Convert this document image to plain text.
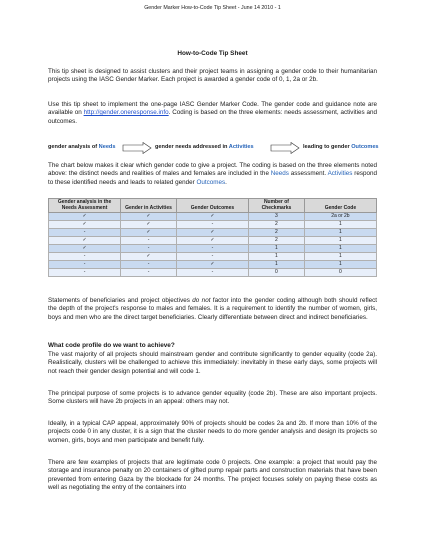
Gender Marker How-to-Code Tip Sheet - June 14 2010 - 1
How-to-Code Tip Sheet

This tip sheet is designed to assist clusters and their project teams in assigning a gender code to their humanitarian projects using the IASC Gender Marker. Each project is awarded a gender code of 0, 1, 2a or 2b.

Use this tip sheet to implement the one-page IASC Gender Marker Code. The gender code and guidance note are available on http://gender.oneresponse.info. Coding is based on the three elements: needs assessment, activities and outcomes.

gender analysis of Needs	gender needs addressed in Activities	leading to gender Outcomes

The chart below makes it clear which gender code to give a project. The coding is based on the three elements noted above: the distinct needs and realities of males and females are included in the Needs assessment. Activities respond to these identified needs and leads to related gender Outcomes.

Gender analysis in the Needs Assessment	Gender in Activities	Gender Outcomes	Number of Checkmarks	Gender Code
✓	✓	✓	3	2a or 2b
✓	✓	-	2	1
-	✓	✓	2	1
✓	-	✓	2	1
✓	-	-	1	1
-	✓	-	1	1
-	-	✓	1	1
-	-	-	0	0

Statements of beneficiaries and project objectives do not factor into the gender coding although both should reflect the depth of the project's response to males and females. It is a requirement to identify the number of women, girls, boys and men who are the direct target beneficiaries. Clearly differentiate between direct and indirect beneficiaries.

What code profile do we want to achieve?

The vast majority of all projects should mainstream gender and contribute significantly to gender equality (code 2a). Realistically, clusters will be challenged to achieve this immediately: inevitably in these early days, some projects will not reach their gender design potential and will code 1.

The principal purpose of some projects is to advance gender equality (code 2b). These are also important projects. Some clusters will have 2b projects in an appeal: others may not.

Ideally, in a typical CAP appeal, approximately 90% of projects should be codes 2a and 2b. If more than 10% of the projects code 0 in any cluster, it is a sign that the cluster needs to do more gender analysis and design its projects so women, girls, boys and men participate and benefit fully.

There are few examples of projects that are legitimate code 0 projects. One example: a project that would pay the storage and insurance penalty on 20 containers of gifted pump repair parts and construction materials that have been prevented from entering Gaza by the blockade for 24 months. The project focuses solely on paying these costs as well as negotiating the entry of the containers into
